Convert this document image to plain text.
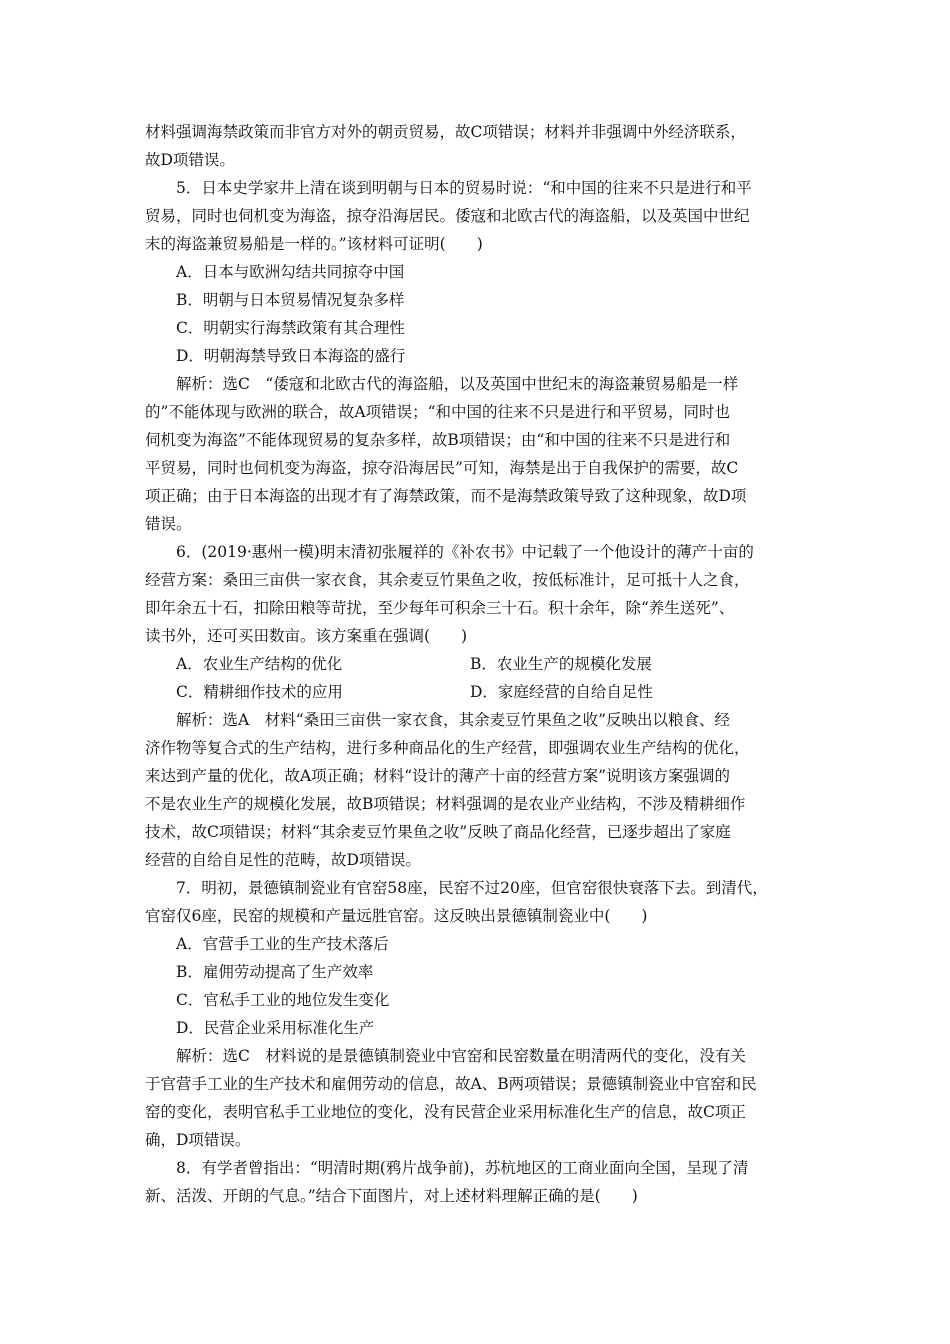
材料强调海禁政策而非官方对外的朝贡贸易，故C项错误；材料并非强调中外经济联系，
故D项错误。
5．日本史学家井上清在谈到明朝与日本的贸易时说：“和中国的往来不只是进行和平
贸易，同时也伺机变为海盗，掠夺沿海居民。倭寇和北欧古代的海盗船，以及英国中世纪
末的海盗兼贸易船是一样的。”该材料可证明(　　)
A．日本与欧洲勾结共同掠夺中国
B．明朝与日本贸易情况复杂多样
C．明朝实行海禁政策有其合理性
D．明朝海禁导致日本海盗的盛行
解析：选C　“倭寇和北欧古代的海盗船，以及英国中世纪末的海盗兼贸易船是一样
的”不能体现与欧洲的联合，故A项错误；“和中国的往来不只是进行和平贸易，同时也
伺机变为海盗”不能体现贸易的复杂多样，故B项错误；由“和中国的往来不只是进行和
平贸易，同时也伺机变为海盗，掠夺沿海居民”可知，海禁是出于自我保护的需要，故C
项正确；由于日本海盗的出现才有了海禁政策，而不是海禁政策导致了这种现象，故D项
错误。
6．(2019·惠州一模)明末清初张履祥的《补农书》中记载了一个他设计的薄产十亩的
经营方案：桑田三亩供一家衣食，其余麦豆竹果鱼之收，按低标准计，足可抵十人之食，
即年余五十石，扣除田粮等苛扰，至少每年可积余三十石。积十余年，除“养生送死”、
读书外，还可买田数亩。该方案重在强调(　　)
A．农业生产结构的优化	B．农业生产的规模化发展
C．精耕细作技术的应用	D．家庭经营的自给自足性
解析：选A　材料“桑田三亩供一家衣食，其余麦豆竹果鱼之收”反映出以粮食、经
济作物等复合式的生产结构，进行多种商品化的生产经营，即强调农业生产结构的优化，
来达到产量的优化，故A项正确；材料“设计的薄产十亩的经营方案”说明该方案强调的
不是农业生产的规模化发展，故B项错误；材料强调的是农业产业结构，不涉及精耕细作
技术，故C项错误；材料“其余麦豆竹果鱼之收”反映了商品化经营，已逐步超出了家庭
经营的自给自足性的范畴，故D项错误。
7．明初，景德镇制瓷业有官窑58座，民窑不过20座，但官窑很快衰落下去。到清代，
官窑仅6座，民窑的规模和产量远胜官窑。这反映出景德镇制瓷业中(　　)
A．官营手工业的生产技术落后
B．雇佣劳动提高了生产效率
C．官私手工业的地位发生变化
D．民营企业采用标准化生产
解析：选C　材料说的是景德镇制瓷业中官窑和民窑数量在明清两代的变化，没有关
于官营手工业的生产技术和雇佣劳动的信息，故A、B两项错误；景德镇制瓷业中官窑和民
窑的变化，表明官私手工业地位的变化，没有民营企业采用标准化生产的信息，故C项正
确，D项错误。
8．有学者曾指出：“明清时期(鸦片战争前)，苏杭地区的工商业面向全国，呈现了清
新、活泼、开朗的气息。”结合下面图片，对上述材料理解正确的是(　　)
